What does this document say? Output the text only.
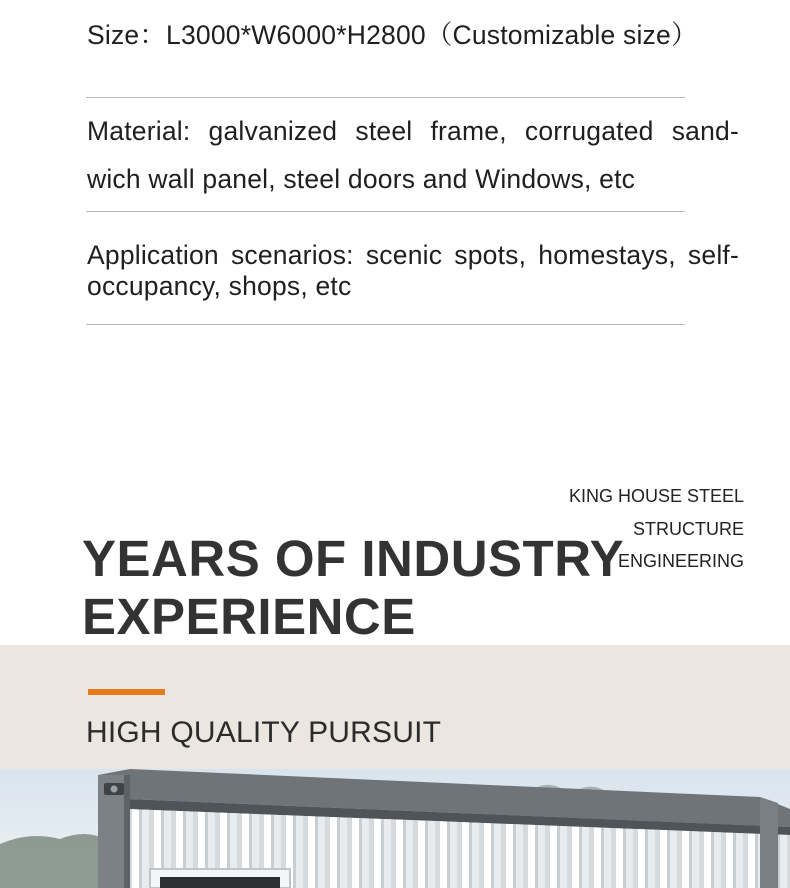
Size：L3000*W6000*H2800（Customizable size）
Material: galvanized steel frame, corrugated sand-wich wall panel, steel doors and Windows, etc
Application scenarios: scenic spots, homestays, self-occupancy, shops, etc
KING HOUSE STEEL
STRUCTURE
ENGINEERING
YEARS OF INDUSTRY
EXPERIENCE
HIGH QUALITY PURSUIT
